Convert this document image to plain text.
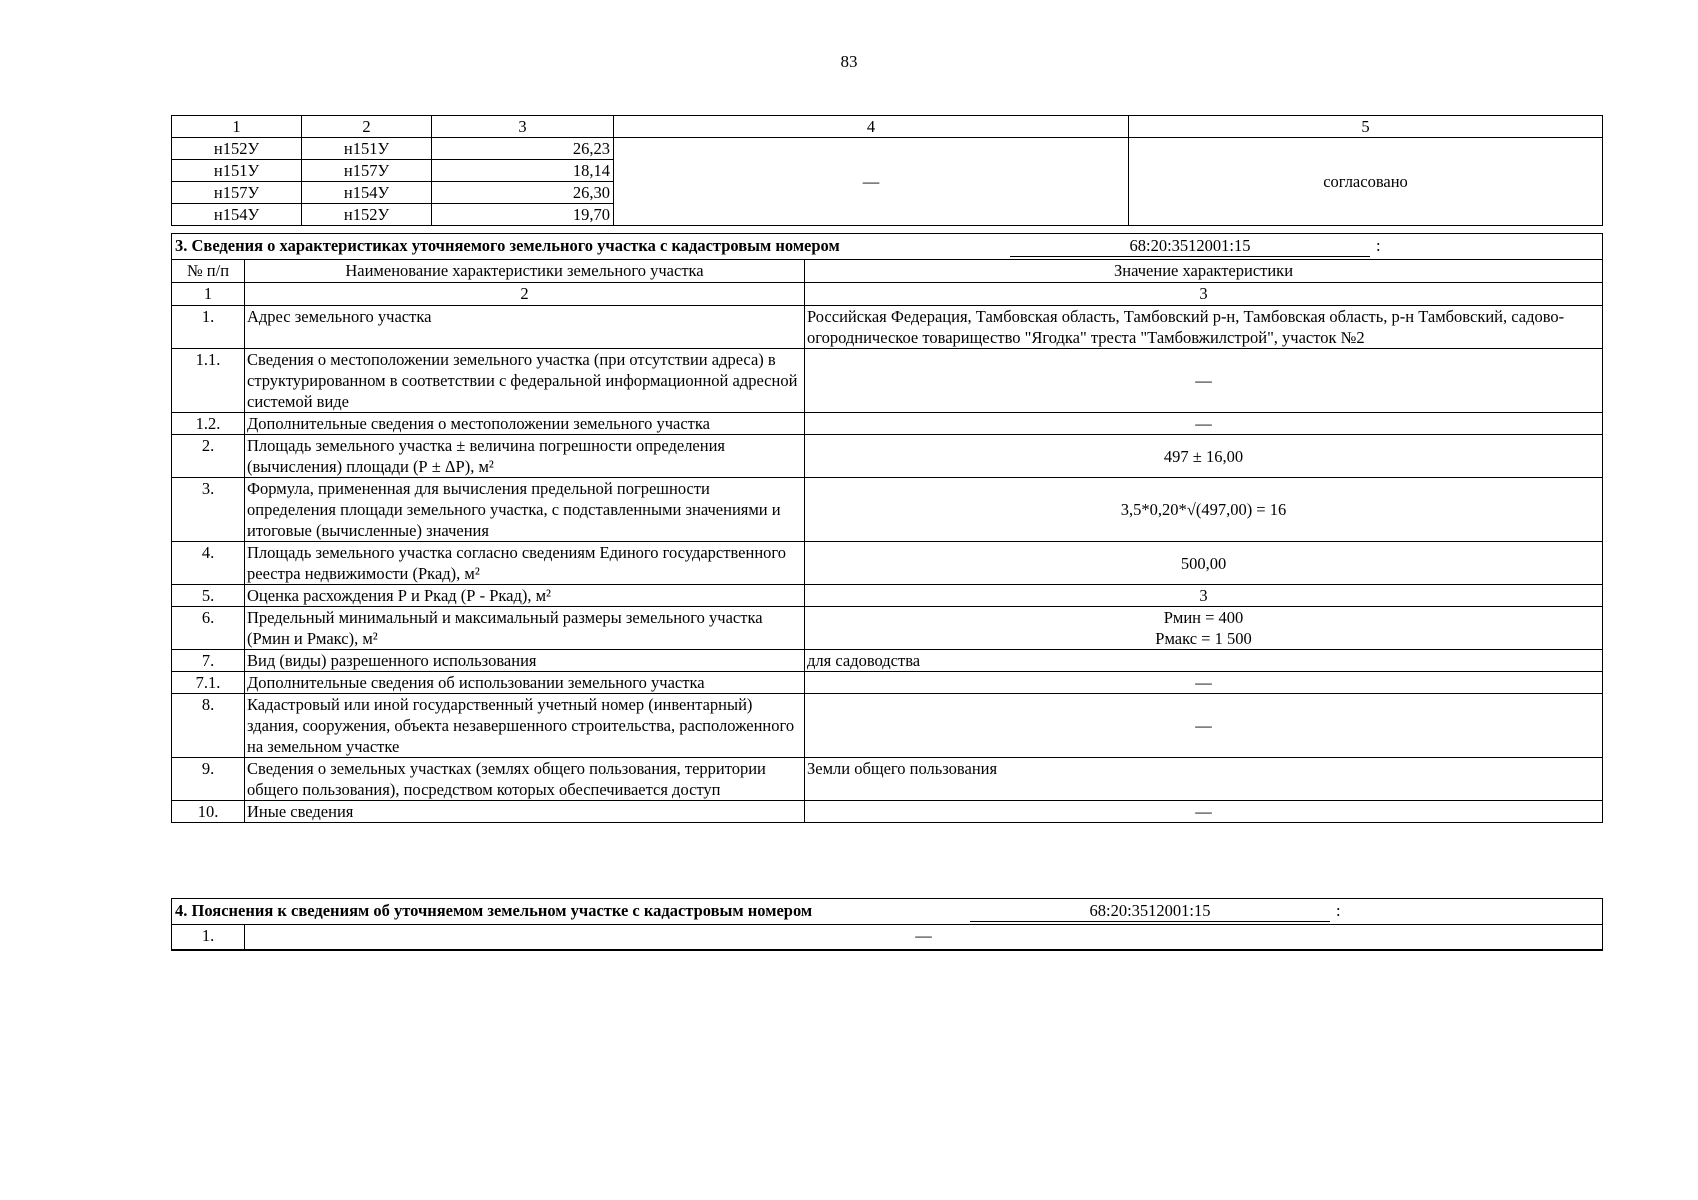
83
1	2	3	4	5
н152У	н151У	26,23	—	согласовано
н151У	н157У	18,14		
н157У	н154У	26,30		
н154У	н152У	19,70		
3. Сведения о характеристиках уточняемого земельного участка с кадастровым номером 68:20:3512001:15 :		

№ п/п	Наименование характеристики земельного участка	Значение характеристики
1	2	3
1.	Адрес земельного участка	Российская Федерация, Тамбовская область, Тамбовский р-н, Тамбовская область, р-н Тамбовский, садово-огородническое товарищество "Ягодка" треста "Тамбовжилстрой", участок №2
1.1.	Сведения о местоположении земельного участка (при отсутствии адреса) в структурированном в соответствии с федеральной информационной адресной системой виде	—
1.2.	Дополнительные сведения о местоположении земельного участка	—
2.	Площадь земельного участка ± величина погрешности определения (вычисления) площади (Р ± ΔР), м²	497 ± 16,00
3.	Формула, примененная для вычисления предельной погрешности определения площади земельного участка, с подставленными значениями и итоговые (вычисленные) значения	3,5*0,20*√(497,00) = 16
4.	Площадь земельного участка согласно сведениям Единого государственного реестра недвижимости (Ркад), м²	500,00
5.	Оценка расхождения Р и Ркад (Р - Ркад), м²	3
6.	Предельный минимальный и максимальный размеры земельного участка (Рмин и Рмакс), м²	Рмин = 400
Рмакс = 1 500

7.	Вид (виды) разрешенного использования	для садоводства
7.1.	Дополнительные сведения об использовании земельного участка	—
8.	Кадастровый или иной государственный учетный номер (инвентарный) здания, сооружения, объекта незавершенного строительства, расположенного на земельном участке	—
9.	Сведения о земельных участках (землях общего пользования, территории общего пользования), посредством которых обеспечивается доступ	Земли общего пользования
10.	Иные сведения	—
4. Пояснения к сведениям об уточняемом земельном участке с кадастровым номером	68:20:3512001:15	:

1.	—
